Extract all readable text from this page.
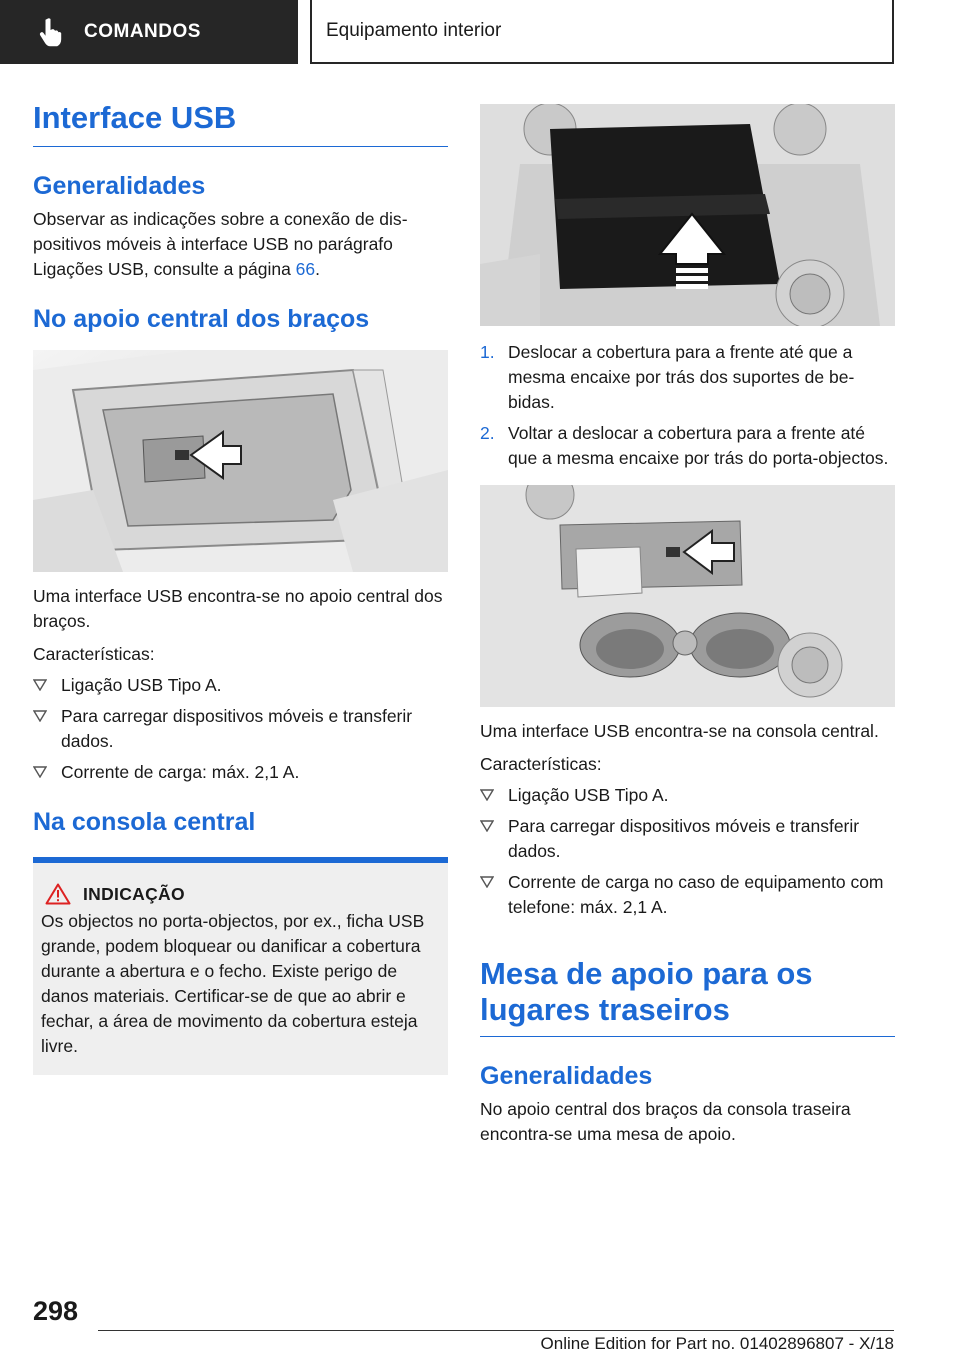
COMANDOS	Equipamento interior
Interface USB
Generalidades

Observar as indicações sobre a conexão de dispositivos móveis à interface USB no parágrafo Ligações USB, consulte a página 66.

No apoio central dos braços

Uma interface USB encontra-se no apoio central dos braços.

Características:

Ligação USB Tipo A.
Para carregar dispositivos móveis e transferir dados.
Corrente de carga: máx. 2,1 A.
Na consola central
INDICAÇÃO

Os objectos no porta-objectos, por ex., ficha USB grande, podem bloquear ou danificar a cobertura durante a abertura e o fecho. Existe perigo de danos materiais. Certificar-se de que ao abrir e fechar, a área de movimento da cobertura esteja livre.

1. Deslocar a cobertura para a frente até que a mesma encaixe por trás dos suportes de bebidas.
2. Voltar a deslocar a cobertura para a frente até que a mesma encaixe por trás do porta-objectos.

Uma interface USB encontra-se na consola central.

Características:

Ligação USB Tipo A.
Para carregar dispositivos móveis e transferir dados.
Corrente de carga no caso de equipamento com telefone: máx. 2,1 A.
Mesa de apoio para os lugares traseiros
Generalidades

No apoio central dos braços da consola traseira encontra-se uma mesa de apoio.

298
Online Edition for Part no. 01402896807 - X/18
